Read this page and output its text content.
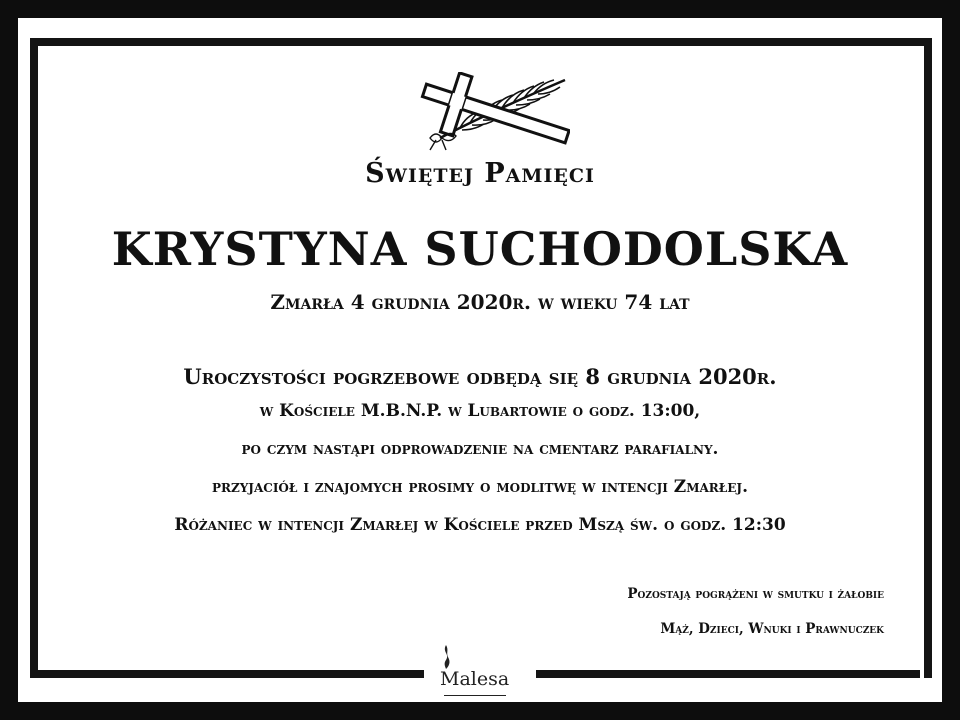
Świętej Pamięci
KRYSTYNA SUCHODOLSKA
Zmarła 4 grudnia 2020r. w wieku 74 lat
Uroczystości pogrzebowe odbędą się 8 grudnia 2020r.
w Kościele M.B.N.P. w Lubartowie o godz. 13:00,
po czym nastąpi odprowadzenie na cmentarz parafialny.
przyjaciół i znajomych prosimy o modlitwę w intencji Zmarłej.
Różaniec w intencji Zmarłej w Kościele przed Mszą św. o godz. 12:30
Pozostają pogrążeni w smutku i żałobie
Mąż, Dzieci, Wnuki i Prawnuczek
Malesa
